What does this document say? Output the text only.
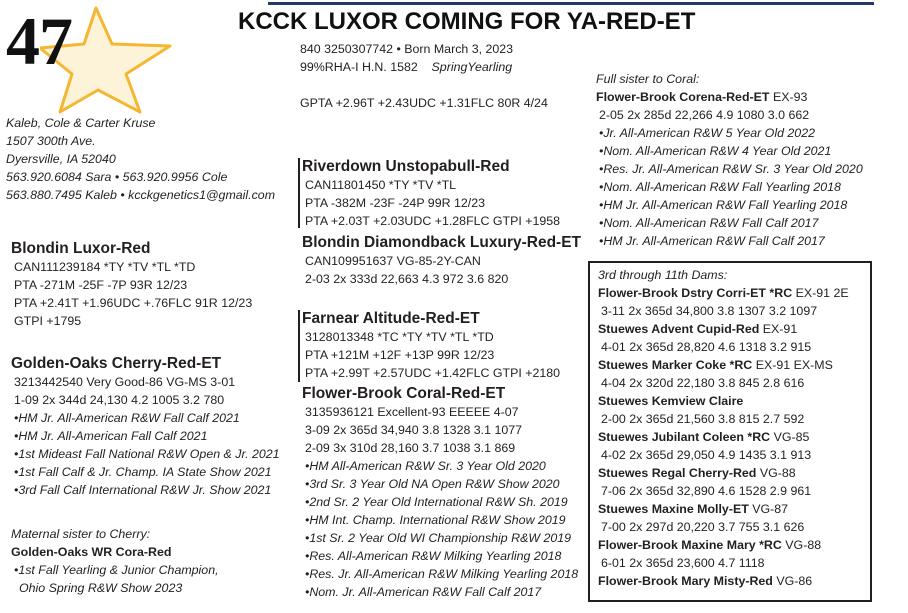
47	KCCK LUXOR COMING FOR YA-RED-ET
840 3250307742 • Born March 3, 2023
99%RHA-I H.N. 1582 SpringYearling
GPTA +2.96T +2.43UDC +1.31FLC 80R 4/24
Kaleb, Cole & Carter Kruse
1507 300th Ave.
Dyersville, IA 52040
563.920.6084 Sara • 563.920.9956 Cole
563.880.7495 Kaleb • kcckgenetics1@gmail.com
Blondin Luxor-Red
CAN111239184 *TY *TV *TL *TD
PTA -271M -25F -7P 93R 12/23
PTA +2.41T +1.96UDC +.76FLC 91R 12/23
GTPI +1795
Golden-Oaks Cherry-Red-ET
3213442540 Very Good-86 VG-MS 3-01
1-09 2x 344d 24,130 4.2 1005 3.2 780
•HM Jr. All-American R&W Fall Calf 2021
•HM Jr. All-American Fall Calf 2021
•1st Mideast Fall National R&W Open & Jr. 2021
•1st Fall Calf & Jr. Champ. IA State Show 2021
•3rd Fall Calf International R&W Jr. Show 2021
Maternal sister to Cherry:
Golden-Oaks WR Cora-Red
•1st Fall Yearling & Junior Champion,
Ohio Spring R&W Show 2023
Riverdown Unstopabull-Red
CAN11801450 *TY *TV *TL
PTA -382M -23F -24P 99R 12/23
PTA +2.03T +2.03UDC +1.28FLC GTPI +1958
Blondin Diamondback Luxury-Red-ET
CAN109951637 VG-85-2Y-CAN
2-03 2x 333d 22,663 4.3 972 3.6 820
Farnear Altitude-Red-ET
3128013348 *TC *TY *TV *TL *TD
PTA +121M +12F +13P 99R 12/23
PTA +2.99T +2.57UDC +1.42FLC GTPI +2180
Flower-Brook Coral-Red-ET
3135936121 Excellent-93 EEEEE 4-07
3-09 2x 365d 34,940 3.8 1328 3.1 1077
2-09 3x 310d 28,160 3.7 1038 3.1 869
•HM All-American R&W Sr. 3 Year Old 2020
•3rd Sr. 3 Year Old NA Open R&W Show 2020
•2nd Sr. 2 Year Old International R&W Sh. 2019
•HM Int. Champ. International R&W Show 2019
•1st Sr. 2 Year Old WI Championship R&W 2019
•Res. All-American R&W Milking Yearling 2018
•Res. Jr. All-American R&W Milking Yearling 2018
•Nom. Jr. All-American R&W Fall Calf 2017
Full sister to Coral:
Flower-Brook Corena-Red-ET EX-93
2-05 2x 285d 22,266 4.9 1080 3.0 662
•Jr. All-American R&W 5 Year Old 2022
•Nom. All-American R&W 4 Year Old 2021
•Res. Jr. All-American R&W Sr. 3 Year Old 2020
•Nom. All-American R&W Fall Yearling 2018
•HM Jr. All-American R&W Fall Yearling 2018
•Nom. All-American R&W Fall Calf 2017
•HM Jr. All-American R&W Fall Calf 2017
3rd through 11th Dams:
Flower-Brook Dstry Corri-ET *RC EX-91 2E
3-11 2x 365d 34,800 3.8 1307 3.2 1097
Stuewes Advent Cupid-Red EX-91
4-01 2x 365d 28,820 4.6 1318 3.2 915
Stuewes Marker Coke *RC EX-91 EX-MS
4-04 2x 320d 22,180 3.8 845 2.8 616
Stuewes Kemview Claire
2-00 2x 365d 21,560 3.8 815 2.7 592
Stuewes Jubilant Coleen *RC VG-85
4-02 2x 365d 29,050 4.9 1435 3.1 913
Stuewes Regal Cherry-Red VG-88
7-06 2x 365d 32,890 4.6 1528 2.9 961
Stuewes Maxine Molly-ET VG-87
7-00 2x 297d 20,220 3.7 755 3.1 626
Flower-Brook Maxine Mary *RC VG-88
6-01 2x 365d 23,600 4.7 1118
Flower-Brook Mary Misty-Red VG-86
